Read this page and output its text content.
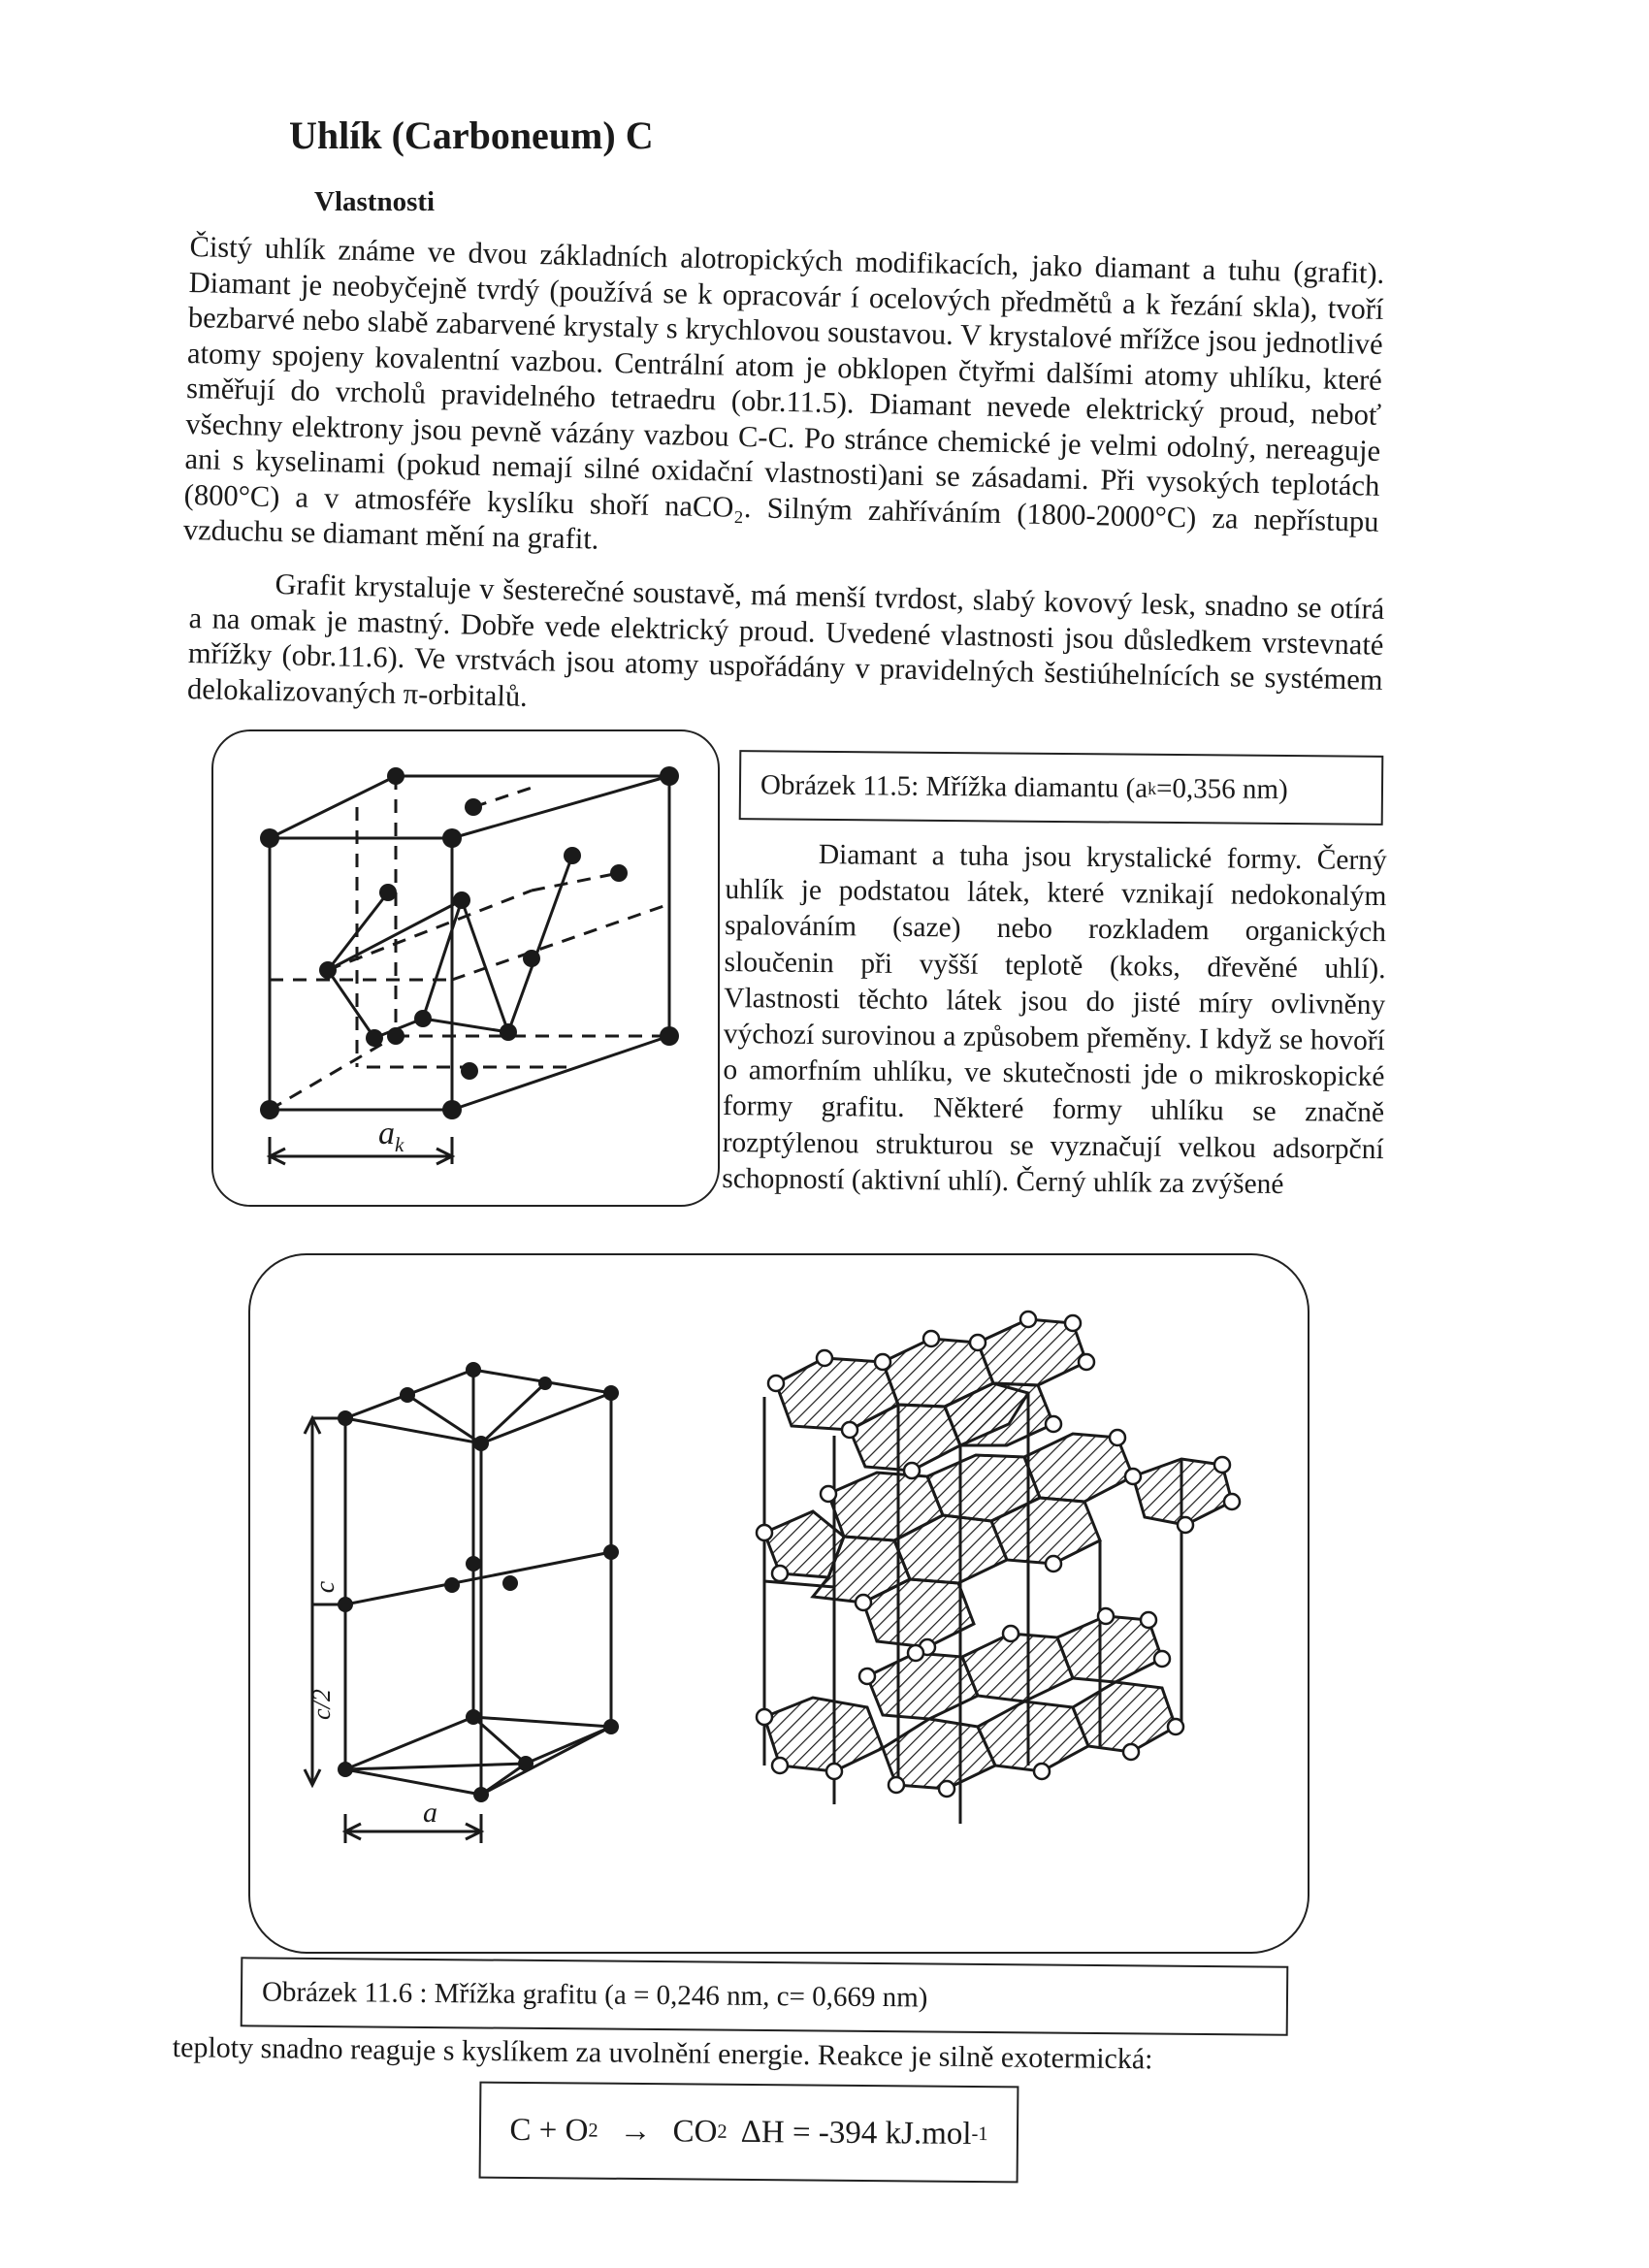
Uhlík (Carboneum) C
Vlastnosti
Čistý uhlík známe ve dvou základních alotropických modifikacích, jako diamant a tuhu (grafit). Diamant je neobyčejně tvrdý (používá se k opracovár í ocelových předmětů a k řezání skla), tvoří bezbarvé nebo slabě zabarvené krystaly s krychlovou soustavou. V krystalové mřížce jsou jednotlivé atomy spojeny kovalentní vazbou. Centrální atom je obklopen čtyřmi dalšími atomy uhlíku, které směřují do vrcholů pravidelného tetraedru (obr.11.5). Diamant nevede elektrický proud, neboť všechny elektrony jsou pevně vázány vazbou C-C. Po stránce chemické je velmi odolný, nereaguje ani s kyselinami (pokud nemají silné oxidační vlastnosti)ani se zásadami. Při vysokých teplotách (800°C) a v atmosféře kyslíku shoří naCO₂. Silným zahříváním (1800-2000°C) za nepřístupu vzduchu se diamant mění na grafit.
Grafit krystaluje v šesterečné soustavě, má menší tvrdost, slabý kovový lesk, snadno se otírá a na omak je mastný. Dobře vede elektrický proud. Uvedené vlastnosti jsou důsledkem vrstevnaté mřížky (obr.11.6). Ve vrstvách jsou atomy uspořádány v pravidelných šestiúhelnících se systémem delokalizovaných π-orbitalů.
$a_k$
Obrázek 11.5: Mřížka diamantu (a k =0,356 nm)
Diamant a tuha jsou krystalické formy. Černý uhlík je podstatou látek, které vznikají nedokonalým spalováním (saze) nebo rozkladem organických sloučenin při vyšší teplotě (koks, dřevěné uhlí). Vlastnosti těchto látek jsou do jisté míry ovlivněny výchozí surovinou a způsobem přeměny. I když se hovoří o amorfním uhlíku, ve skutečnosti jde o mikroskopické formy grafitu. Některé formy uhlíku se značně rozptýlenou strukturou se vyznačují velkou adsorpční schopností (aktivní uhlí). Černý uhlík za zvýšené
a
c
c/2
Obrázek 11.6 : Mřížka grafitu (a = 0,246 nm, c= 0,669 nm)
teploty snadno reaguje s kyslíkem za uvolnění energie. Reakce je silně exotermická:
C + O 2 → CO 2 ΔH = -394 kJ.mol -1
